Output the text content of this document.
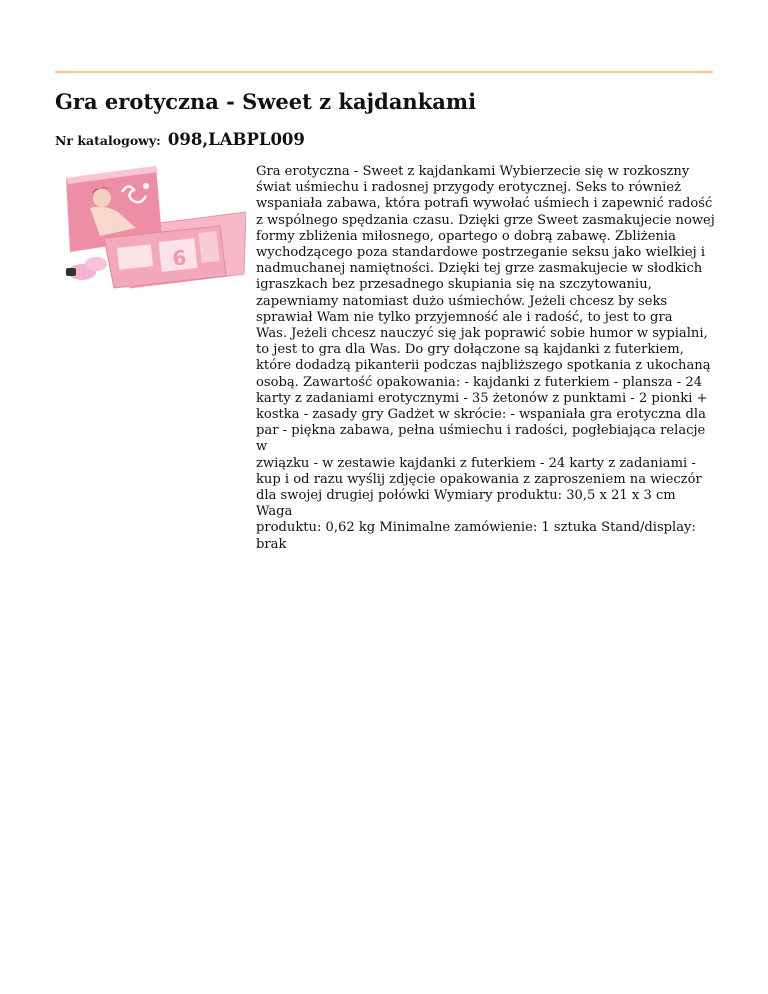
Gra erotyczna - Sweet z kajdankami
Nr katalogowy: 098,LABPL009
6

Gra erotyczna - Sweet z kajdankami Wybierzecie się w rozkoszny
świat uśmiechu i radosnej przygody erotycznej. Seks to również
wspaniała zabawa, która potrafi wywołać uśmiech i zapewnić radość
z wspólnego spędzania czasu. Dzięki grze Sweet zasmakujecie nowej
formy zbliżenia miłosnego, opartego o dobrą zabawę. Zbliżenia
wychodzącego poza standardowe postrzeganie seksu jako wielkiej i
nadmuchanej namiętności. Dzięki tej grze zasmakujecie w słodkich
igraszkach bez przesadnego skupiania się na szczytowaniu,
zapewniamy natomiast dużo uśmiechów. Jeżeli chcesz by seks
sprawiał Wam nie tylko przyjemność ale i radość, to jest to gra
Was. Jeżeli chcesz nauczyć się jak poprawić sobie humor w sypialni,
to jest to gra dla Was. Do gry dołączone są kajdanki z futerkiem,
które dodadzą pikanterii podczas najbliższego spotkania z ukochaną
osobą. Zawartość opakowania: - kajdanki z futerkiem - plansza - 24
karty z zadaniami erotycznymi - 35 żetonów z punktami - 2 pionki +
kostka - zasady gry Gadżet w skrócie: - wspaniała gra erotyczna dla
par - piękna zabawa, pełna uśmiechu i radości, pogłebiająca relacje w
związku - w zestawie kajdanki z futerkiem - 24 karty z zadaniami -
kup i od razu wyślij zdjęcie opakowania z zaproszeniem na wieczór
dla swojej drugiej połówki Wymiary produktu: 30,5 x 21 x 3 cm Waga
produktu: 0,62 kg Minimalne zamówienie: 1 sztuka Stand/display:
brak
